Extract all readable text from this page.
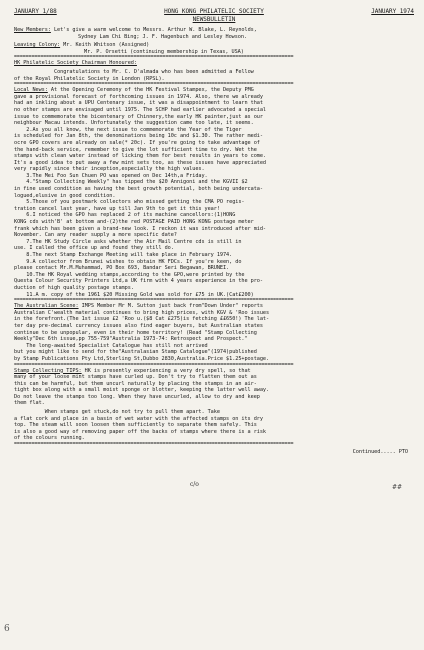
JANUARY 1/88	HONG KONG PHILATELIC SOCIETY	JANUARY 1974
NEWSBULLETIN
New Members: Let's give a warm welcome to Messrs. Arthur W. Blake, L. Reynolds,
Sydney Lam Chi Bing; J. F. Hagenbuch and Lesley Howson.
Leaving Colony: Mr. Keith Whitson (Assigned)
Mr. P. Orsetti (continuing membership in Texas, USA)
================================================================================================
HK Philatelic Society Chairman Honoured:
Congratulations to Mr. C. D'almada who has been admitted a Fellow
of the Royal Philatelic Society in London (RPSL).
================================================================================================
Local News: At the Opening Ceremony of the HK Festival Stampex, the Deputy PMG
gave a provisional forecast of forthcoming issues in 1974. Also, there we already
had an inkling about a UPU Centenary issue, it was a disappointment to learn that
no other stamps are envisaged until 1975. The SCHP had earlier advocated a special
issue to commemorate the bicentenary of Chinnery,the early HK painter,just as our
neighbour Macau intends. Unfortunately the suggestion came too late, it seems.
2.As you all know, the next issue to commemorate the Year of the Tiger
is scheduled for Jan 8th, the denominations being 10c and $1.30. The rather medi-
ocre GPO covers are already on sale(* 20c). If you're going to take advantage of
the hand-back service, remember to give the lot sufficient time to dry. Wet the
stamps with clean water instead of licking them for best results in years to come.
It's a good idea to put away a few mint sets too, as these issues have appreciated
very rapidly since their inception,especially the high values.
3.The Mei Foo Sun Chuen PO was opened on Dec 14th,a Friday.
4."Stamp Collecting Weekly" has tipped the $20 Annigoni and the KGVII $2
in fine used condition as having the best growth potential, both being undercata-
logued,elusive in good condition.
5.Those of you postmark collectors who missed getting the CMA PO regis-
tration cancel last year, have up till Jan 9th to get it this year!
6.I noticed the GPO has replaced 2 of its machine cancellors:(1)HONG
KONG cds with'B' at bottom and-(2)the red POSTAGE PAID HONG KONG postage meter
frank which has been given a brand-new look. I reckon it was introduced after mid-
November. Can any reader supply a more specific date?
7.The HK Study Circle asks whether the Air Mail Centre cds is still in
use. I called the office up and found they still do.
8.The next Stamp Exchange Meeting will take place in February 1974.
9.A collector from Brunei wishes to obtain HK FDCs. If you're keen, do
please contact Mr.M.Muhammad, PO Box 693, Bandar Seri Begawan, BRUNEI.
10.The HK Royal wedding stamps,according to the GPO,were printed by the
Questa Colour Security Printers Ltd,a UK firm with 4 years experience in the pro-
duction of high quality postage stamps.
11.A m. copy of the 1961 $20 Missing Gold was sold for £75 in UK.(Cat£200)
================================================================================================
The Australian Scene: IMPS Member Mr M. Sutton just back from"Down Under" reports
Australian C'wealth material continues to bring high prices, with KGV & 'Roo issues
in the forefront.(The 1st issue £2 'Roo u.($8 Cat £275)is fetching ££650!) The lat-
ter day pre-decimal currency issues also find eager buyers, but Australian states
continue to be unpopular, even in their home territory! (Read "Stamp Collecting
Weekly"Dec 6th issue,pp 755-759"Australia 1973-74: Retrospect and Prospect."
The long-awaited Specialist Catalogue has still not arrived
but you might like to send for the"Australasian Stamp Catalogue"(1974)published
by Stamp Publications Pty Ltd,Sterling St,Dubbo 2830,Australia.Price $1.25+postage.
================================================================================================
Stamp Collecting TIPS: HK is presently experiencing a very dry spell, so that
many of your loose mint stamps have curled up. Don't try to flatten them out as
this can be harmful, but them uncurl naturally by placing the stamps in an air-
tight box along with a small moist sponge or blotter, keeping the latter well away.
Do not leave the stamps too long. When they have uncurled, allow to dry and keep
them flat.
When stamps get stuck,do not try to pull them apart. Take
a flat cork and place in a basin of wet water with the affected stamps on its dry
top. The steam will soon loosen them sufficiently to separate them safely. This
is also a good way of removing paper off the backs of stamps where there is a risk
of the colours running.
================================================================================================
Continued..... PTO
6
##
c/o
